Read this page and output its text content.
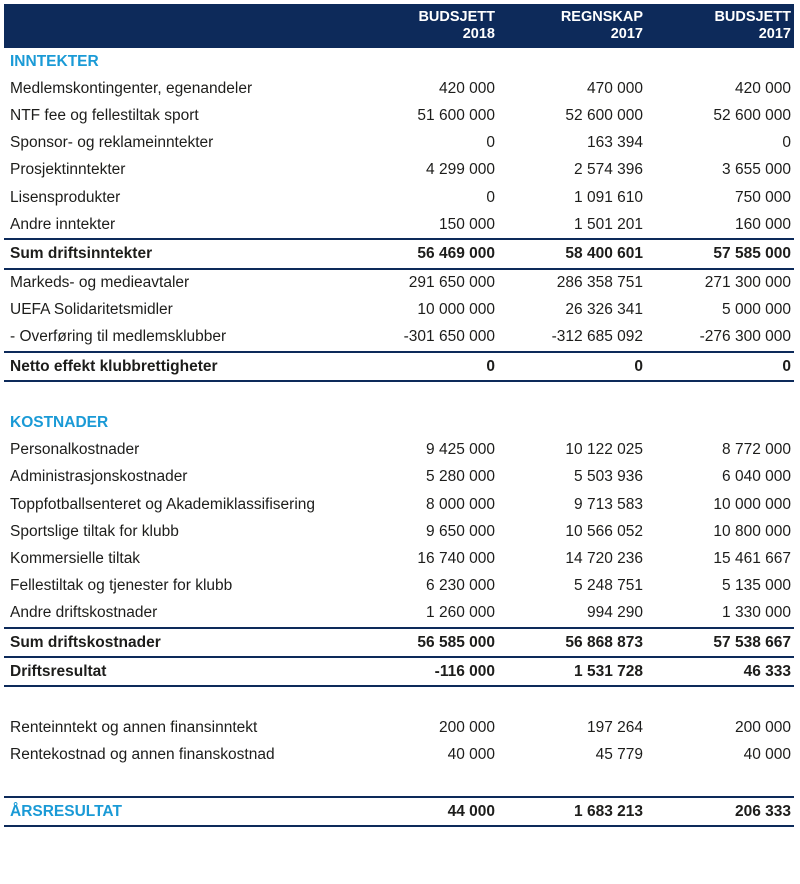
BUDSJETT
2018
REGNSKAP
2017
BUDSJETT
2017
INNTEKTER
Medlemskontingenter, egenandeler	420 000	470 000	420 000
NTF fee og fellestiltak sport	51 600 000	52 600 000	52 600 000
Sponsor- og reklameinntekter	0	163 394	0
Prosjektinntekter	4 299 000	2 574 396	3 655 000
Lisensprodukter	0	1 091 610	750 000
Andre inntekter	150 000	1 501 201	160 000
Sum driftsinntekter	56 469 000	58 400 601	57 585 000
Markeds- og medieavtaler	291 650 000	286 358 751	271 300 000
UEFA Solidaritetsmidler	10 000 000	26 326 341	5 000 000
- Overføring til medlemsklubber	-301 650 000	-312 685 092	-276 300 000
Netto effekt klubbrettigheter	0	0	0
KOSTNADER
Personalkostnader	9 425 000	10 122 025	8 772 000
Administrasjonskostnader	5 280 000	5 503 936	6 040 000
Toppfotballsenteret og Akademiklassifisering	8 000 000	9 713 583	10 000 000
Sportslige tiltak for klubb	9 650 000	10 566 052	10 800 000
Kommersielle tiltak	16 740 000	14 720 236	15 461 667
Fellestiltak og tjenester for klubb	6 230 000	5 248 751	5 135 000
Andre driftskostnader	1 260 000	994 290	1 330 000
Sum driftskostnader	56 585 000	56 868 873	57 538 667
Driftsresultat	-116 000	1 531 728	46 333
Renteinntekt og annen finansinntekt	200 000	197 264	200 000
Rentekostnad og annen finanskostnad	40 000	45 779	40 000
ÅRSRESULTAT	44 000	1 683 213	206 333
